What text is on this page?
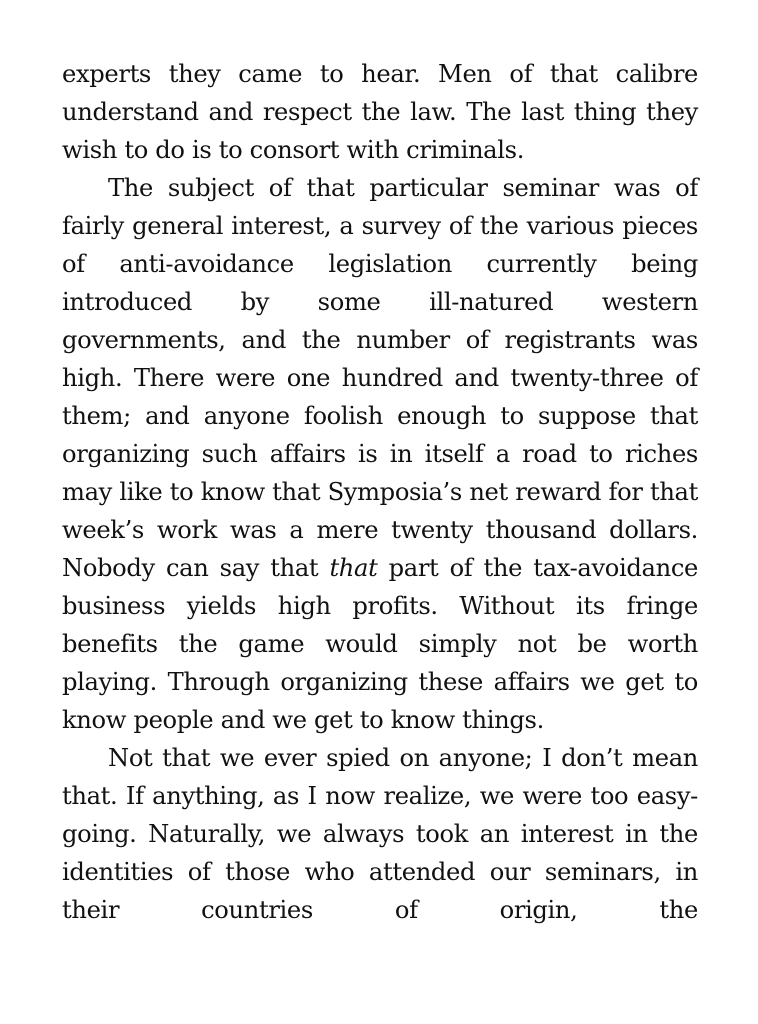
experts they came to hear. Men of that calibre understand and respect the law. The last thing they wish to do is to consort with criminals.

The subject of that particular seminar was of fairly general interest, a survey of the various pieces of anti-avoidance legislation currently being introduced by some ill-natured western governments, and the number of registrants was high. There were one hundred and twenty-three of them; and anyone foolish enough to suppose that organizing such affairs is in itself a road to riches may like to know that Symposia’s net reward for that week’s work was a mere twenty thousand dollars. Nobody can say that that part of the tax-avoidance business yields high profits. Without its fringe benefits the game would simply not be worth playing. Through organizing these affairs we get to know people and we get to know things.

Not that we ever spied on anyone; I don’t mean that. If anything, as I now realize, we were too easy-going. Naturally, we always took an interest in the identities of those who attended our seminars, in their countries of origin, the
